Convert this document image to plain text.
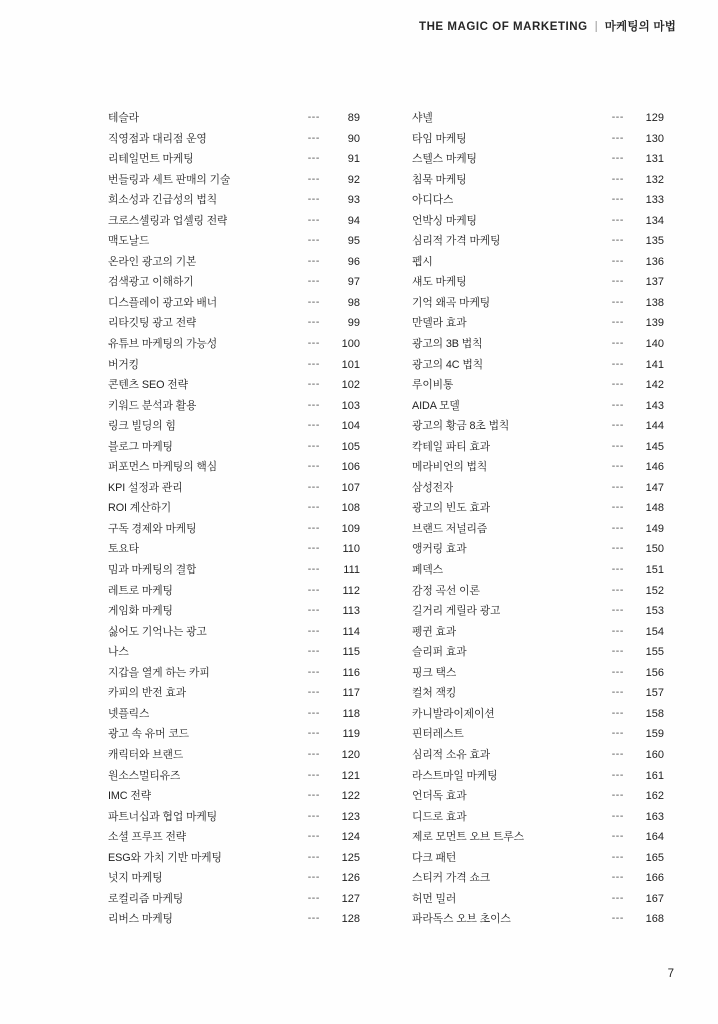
THE MAGIC OF MARKETING | 마케팅의 마법
테슬라	---	89
직영점과 대리점 운영	---	90
리테일먼트 마케팅	---	91
번들링과 세트 판매의 기술	---	92
희소성과 긴급성의 법칙	---	93
크로스셀링과 업셀링 전략	---	94
맥도날드	---	95
온라인 광고의 기본	---	96
검색광고 이해하기	---	97
디스플레이 광고와 배너	---	98
리타깃팅 광고 전략	---	99
유튜브 마케팅의 가능성	---	100
버거킹	---	101
콘텐츠 SEO 전략	---	102
키워드 분석과 활용	---	103
링크 빌딩의 힘	---	104
블로그 마케팅	---	105
퍼포먼스 마케팅의 핵심	---	106
KPI 설정과 관리	---	107
ROI 계산하기	---	108
구독 경제와 마케팅	---	109
토요타	---	110
밈과 마케팅의 결합	---	111
레트로 마케팅	---	112
게임화 마케팅	---	113
싫어도 기억나는 광고	---	114
나스	---	115
지갑을 열게 하는 카피	---	116
카피의 반전 효과	---	117
넷플릭스	---	118
광고 속 유머 코드	---	119
캐릭터와 브랜드	---	120
원소스멀티유즈	---	121
IMC 전략	---	122
파트너십과 협업 마케팅	---	123
소셜 프루프 전략	---	124
ESG와 가치 기반 마케팅	---	125
넛지 마케팅	---	126
로컬리즘 마케팅	---	127
리버스 마케팅	---	128
샤넬	---	129
타임 마케팅	---	130
스텔스 마케팅	---	131
침묵 마케팅	---	132
아디다스	---	133
언박싱 마케팅	---	134
심리적 가격 마케팅	---	135
펩시	---	136
섀도 마케팅	---	137
기억 왜곡 마케팅	---	138
만델라 효과	---	139
광고의 3B 법칙	---	140
광고의 4C 법칙	---	141
루이비통	---	142
AIDA 모델	---	143
광고의 황금 8초 법칙	---	144
칵테일 파티 효과	---	145
메라비언의 법칙	---	146
삼성전자	---	147
광고의 빈도 효과	---	148
브랜드 저널리즘	---	149
앵커링 효과	---	150
페덱스	---	151
감정 곡선 이론	---	152
길거리 게릴라 광고	---	153
펭귄 효과	---	154
슬리퍼 효과	---	155
핑크 택스	---	156
컬처 잭킹	---	157
카니발라이제이션	---	158
핀터레스트	---	159
심리적 소유 효과	---	160
라스트마일 마케팅	---	161
언더독 효과	---	162
디드로 효과	---	163
제로 모먼트 오브 트루스	---	164
다크 패턴	---	165
스티커 가격 쇼크	---	166
허먼 밀러	---	167
파라독스 오브 초이스	---	168
7
